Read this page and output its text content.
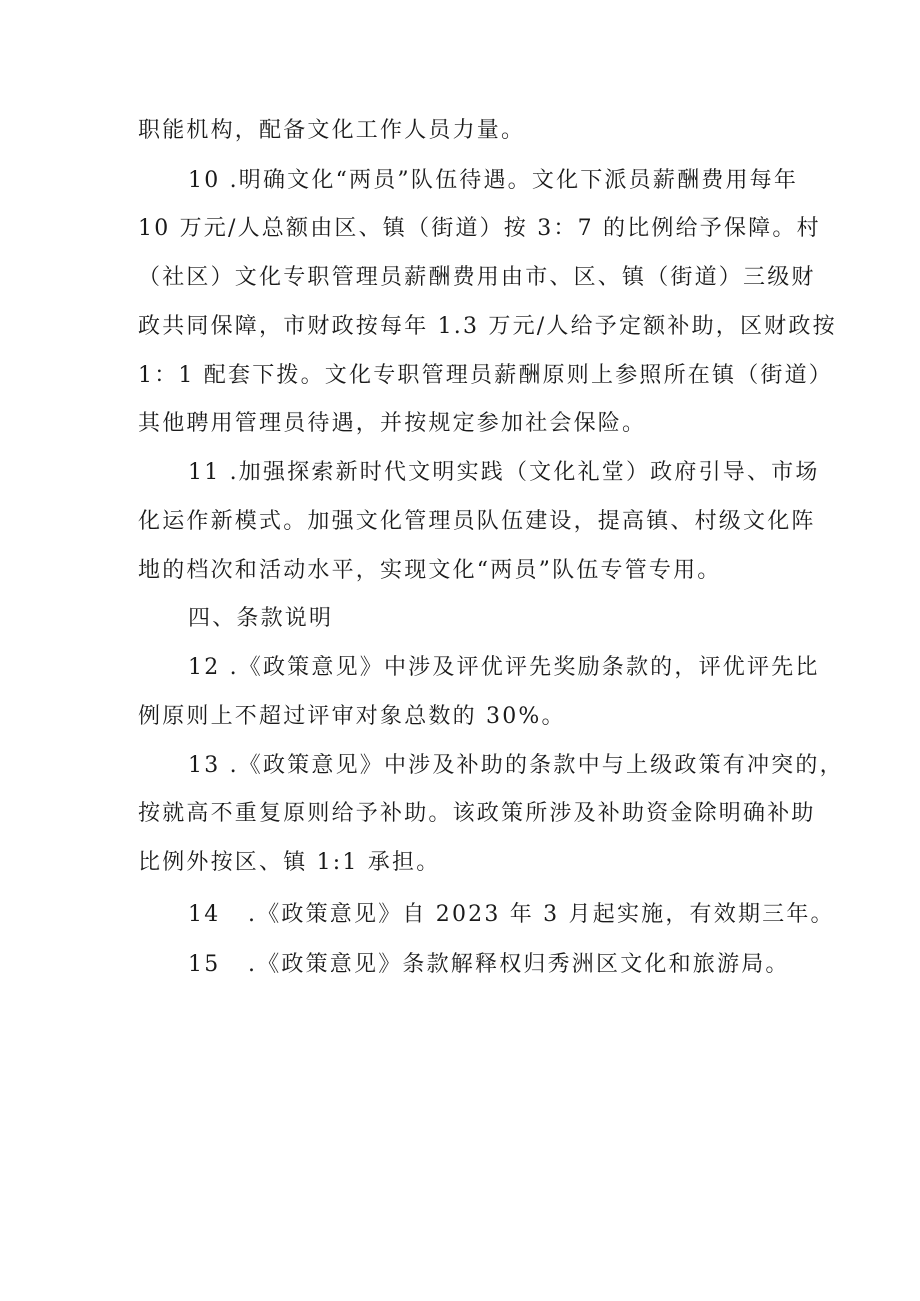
职能机构，配备文化工作人员力量。
10 .明确文化“两员”队伍待遇。文化下派员薪酬费用每年
10 万元/人总额由区、镇（街道）按 3：7 的比例给予保障。村
（社区）文化专职管理员薪酬费用由市、区、镇（街道）三级财
政共同保障，市财政按每年 1.3 万元/人给予定额补助，区财政按
1：1 配套下拨。文化专职管理员薪酬原则上参照所在镇（街道）
其他聘用管理员待遇，并按规定参加社会保险。
11 .加强探索新时代文明实践（文化礼堂）政府引导、市场
化运作新模式。加强文化管理员队伍建设，提高镇、村级文化阵
地的档次和活动水平，实现文化“两员”队伍专管专用。
四、条款说明
12 .《政策意见》中涉及评优评先奖励条款的，评优评先比
例原则上不超过评审对象总数的 30%。
13 .《政策意见》中涉及补助的条款中与上级政策有冲突的，
按就高不重复原则给予补助。该政策所涉及补助资金除明确补助
比例外按区、镇 1:1 承担。
14 .《政策意见》自 2023 年 3 月起实施，有效期三年。
15 .《政策意见》条款解释权归秀洲区文化和旅游局。
